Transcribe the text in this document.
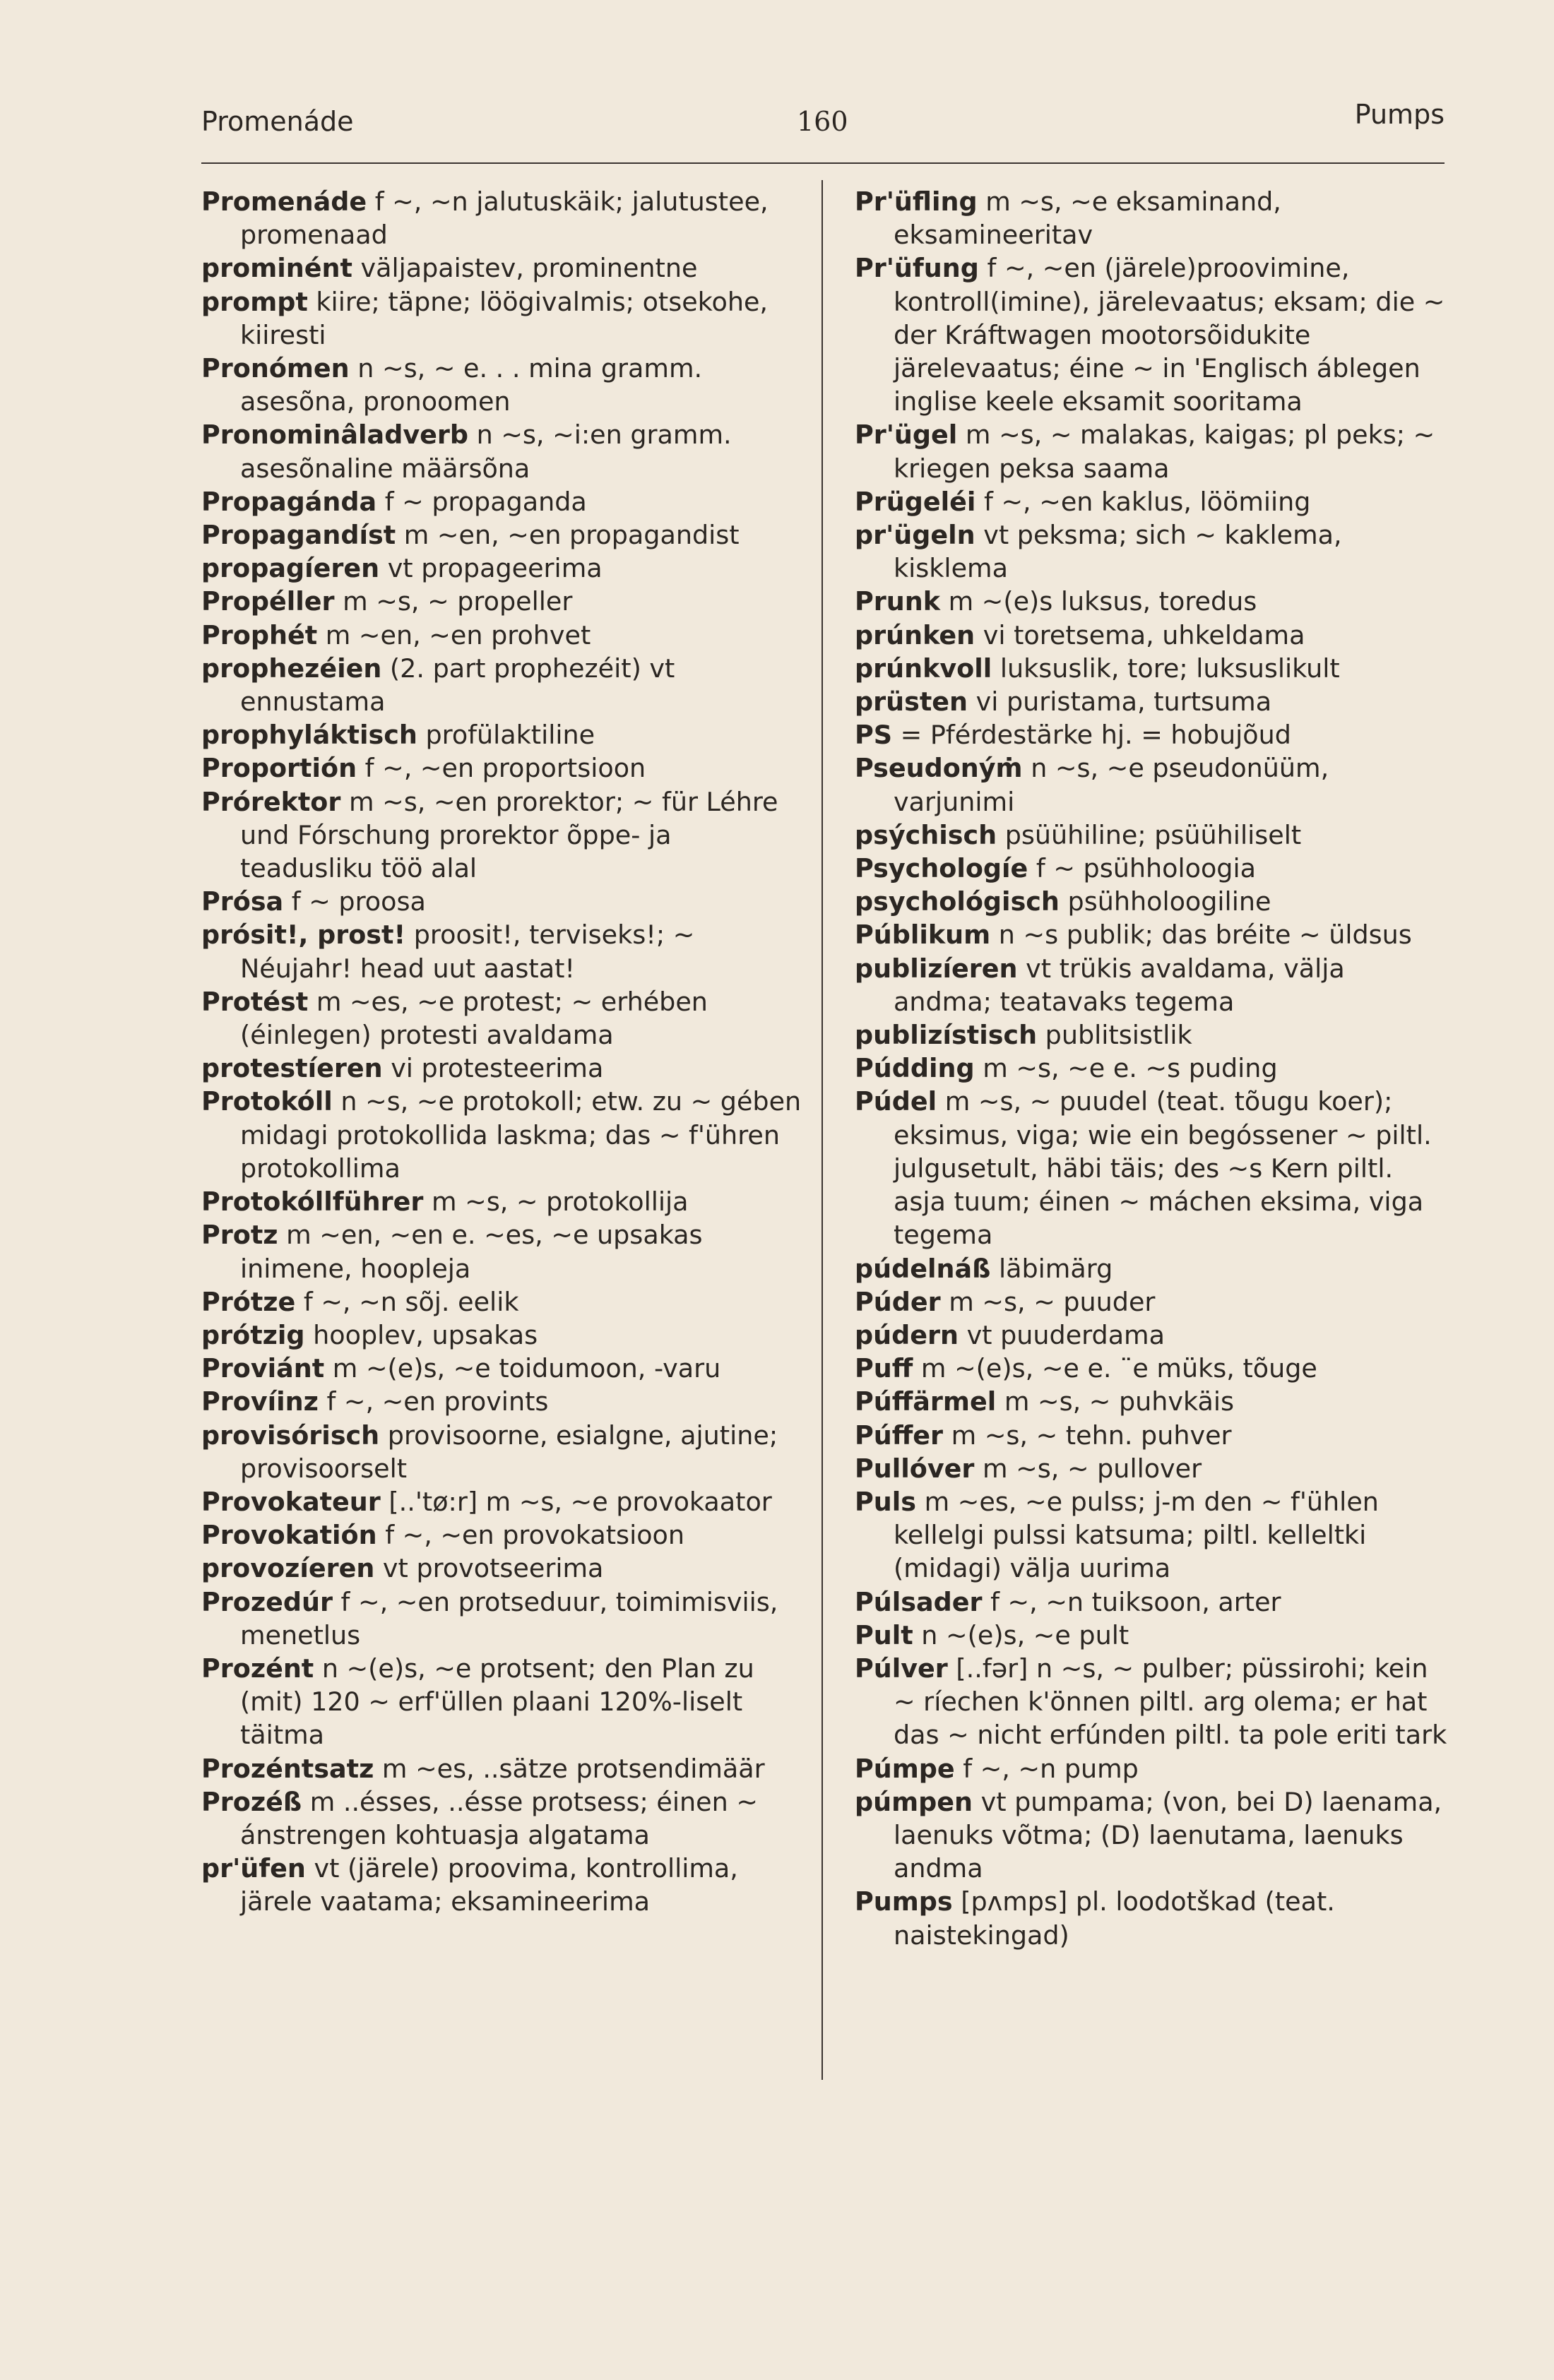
Promenáde	160	Pumps

Promenáde f ~, ~n jalutuskäik; jalutustee, promenaad

prominént väljapaistev, prominentne

prompt kiire; täpne; löögivalmis; otsekohe, kiiresti

Pronómen n ~s, ~ e. . . mina gramm. asesõna, pronoomen

Pronominâladverb n ~s, ~i:en gramm. asesõnaline määrsõna

Propagánda f ~ propaganda

Propagandíst m ~en, ~en propagandist

propagíeren vt propageerima

Propéller m ~s, ~ propeller

Prophét m ~en, ~en prohvet

prophezéien (2. part prophezéit) vt ennustama

prophyláktisch profülaktiline

Proportión f ~, ~en proportsioon

Prórektor m ~s, ~en prorektor; ~ für Léhre und Fórschung prorektor õppe- ja teadusliku töö alal

Prósa f ~ proosa

prósit!, prost! proosit!, terviseks!; ~ Néujahr! head uut aastat!

Protést m ~es, ~e protest; ~ erhében (éinlegen) protesti avaldama

protestíeren vi protesteerima

Protokóll n ~s, ~e protokoll; etw. zu ~ gében midagi protokollida laskma; das ~ f'ühren protokollima

Protokóllführer m ~s, ~ protokollija

Protz m ~en, ~en e. ~es, ~e upsakas inimene, hoopleja

Prótze f ~, ~n sõj. eelik

prótzig hooplev, upsakas

Proviánt m ~(e)s, ~e toidumoon, -varu

Províinz f ~, ~en provints

provisórisch provisoorne, esialgne, ajutine; provisoorselt

Provokateur [..'tø:r] m ~s, ~e provokaator

Provokatión f ~, ~en provokatsioon

provozíeren vt provotseerima

Prozedúr f ~, ~en protseduur, toimimisviis, menetlus

Prozént n ~(e)s, ~e protsent; den Plan zu (mit) 120 ~ erf'üllen plaani 120%-liselt täitma

Prozéntsatz m ~es, ..sätze protsendimäär

Prozéß m ..ésses, ..ésse protsess; éinen ~ ánstrengen kohtuasja algatama

pr'üfen vt (järele) proovima, kontrollima, järele vaatama; eksamineerima

Pr'üfling m ~s, ~e eksaminand, eksamineeritav

Pr'üfung f ~, ~en (järele)proovimine, kontroll(imine), järelevaatus; eksam; die ~ der Kráftwagen mootorsõidukite järelevaatus; éine ~ in 'Englisch áblegen inglise keele eksamit sooritama

Pr'ügel m ~s, ~ malakas, kaigas; pl peks; ~ kriegen peksa saama

Prügeléi f ~, ~en kaklus, löömiing

pr'ügeln vt peksma; sich ~ kaklema, kisklema

Prunk m ~(e)s luksus, toredus

prúnken vi toretsema, uhkeldama

prúnkvoll luksuslik, tore; luksuslikult

prüsten vi puristama, turtsuma

PS = Pférdestärke hj. = hobujõud

Pseudonýṁ n ~s, ~e pseudonüüm, varjunimi

psýchisch psüühiline; psüühiliselt

Psychologíe f ~ psühholoogia

psychológisch psühholoogiline

Públikum n ~s publik; das bréite ~ üldsus

publizíeren vt trükis avaldama, välja andma; teatavaks tegema

publizístisch publitsistlik

Púdding m ~s, ~e e. ~s puding

Púdel m ~s, ~ puudel (teat. tõugu koer); eksimus, viga; wie ein begóssener ~ piltl. julgusetult, häbi täis; des ~s Kern piltl. asja tuum; éinen ~ máchen eksima, viga tegema

púdelnáß läbimärg

Púder m ~s, ~ puuder

púdern vt puuderdama

Puff m ~(e)s, ~e e. ¨e müks, tõuge

Púffärmel m ~s, ~ puhvkäis

Púffer m ~s, ~ tehn. puhver

Pullóver m ~s, ~ pullover

Puls m ~es, ~e pulss; j-m den ~ f'ühlen kellelgi pulssi katsuma; piltl. kelleltki (midagi) välja uurima

Púlsader f ~, ~n tuiksoon, arter

Pult n ~(e)s, ~e pult

Púlver [..fər] n ~s, ~ pulber; püssirohi; kein ~ ríechen k'önnen piltl. arg olema; er hat das ~ nicht erfúnden piltl. ta pole eriti tark

Púmpe f ~, ~n pump

púmpen vt pumpama; (von, bei D) laenama, laenuks võtma; (D) laenutama, laenuks andma

Pumps [pʌmps] pl. loodotškad (teat. naistekingad)
